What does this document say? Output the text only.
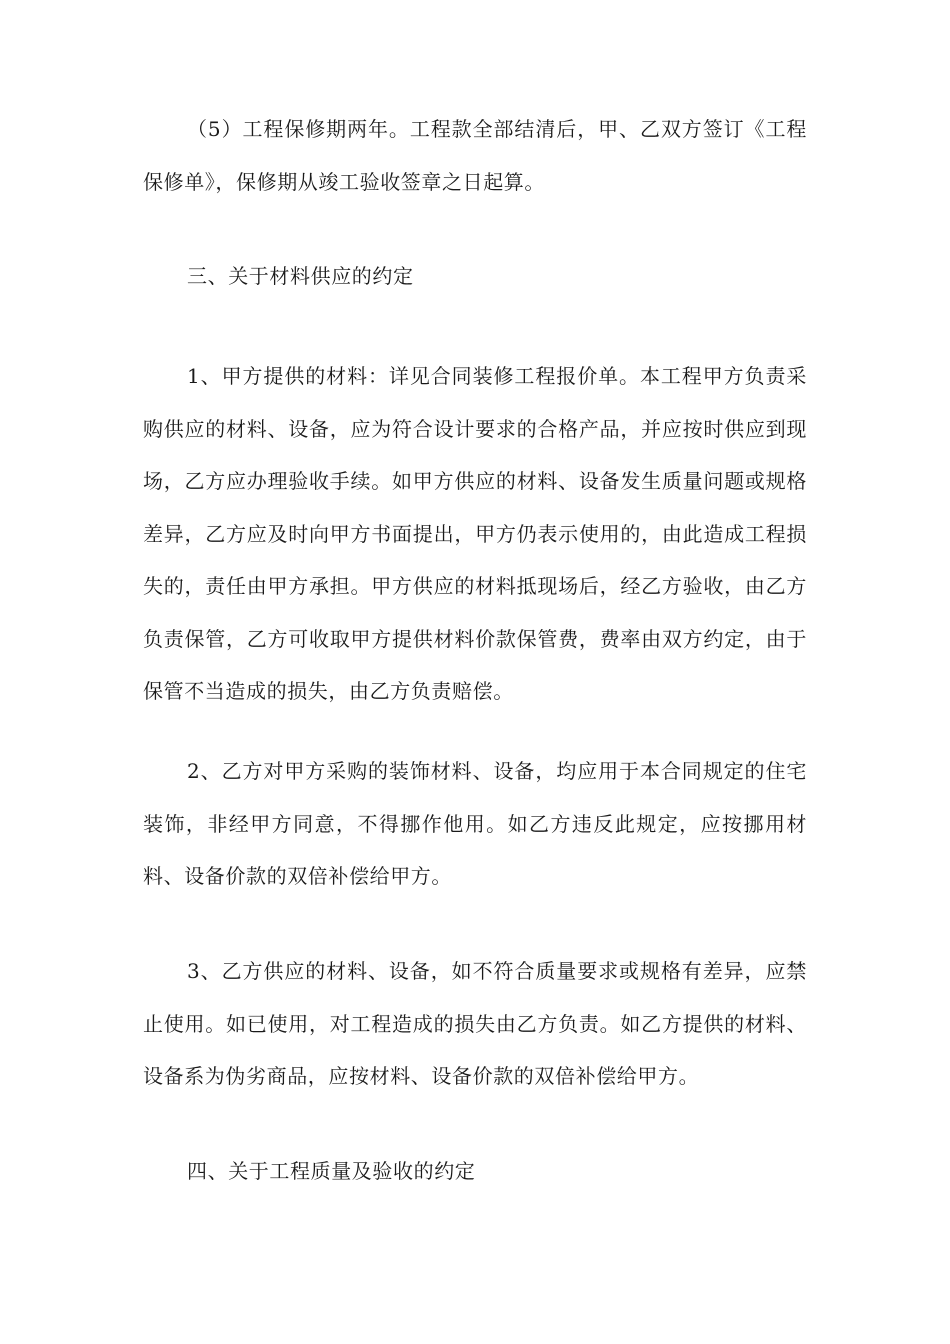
（5）工程保修期两年。工程款全部结清后，甲、乙双方签订《工程保修单》，保修期从竣工验收签章之日起算。

三、关于材料供应的约定

1、甲方提供的材料：详见合同装修工程报价单。本工程甲方负责采购供应的材料、设备，应为符合设计要求的合格产品，并应按时供应到现场，乙方应办理验收手续。如甲方供应的材料、设备发生质量问题或规格差异，乙方应及时向甲方书面提出，甲方仍表示使用的，由此造成工程损失的，责任由甲方承担。甲方供应的材料抵现场后，经乙方验收，由乙方负责保管，乙方可收取甲方提供材料价款保管费，费率由双方约定，由于保管不当造成的损失，由乙方负责赔偿。

2、乙方对甲方采购的装饰材料、设备，均应用于本合同规定的住宅装饰，非经甲方同意，不得挪作他用。如乙方违反此规定，应按挪用材料、设备价款的双倍补偿给甲方。

3、乙方供应的材料、设备，如不符合质量要求或规格有差异，应禁止使用。如已使用，对工程造成的损失由乙方负责。如乙方提供的材料、设备系为伪劣商品，应按材料、设备价款的双倍补偿给甲方。

四、关于工程质量及验收的约定
